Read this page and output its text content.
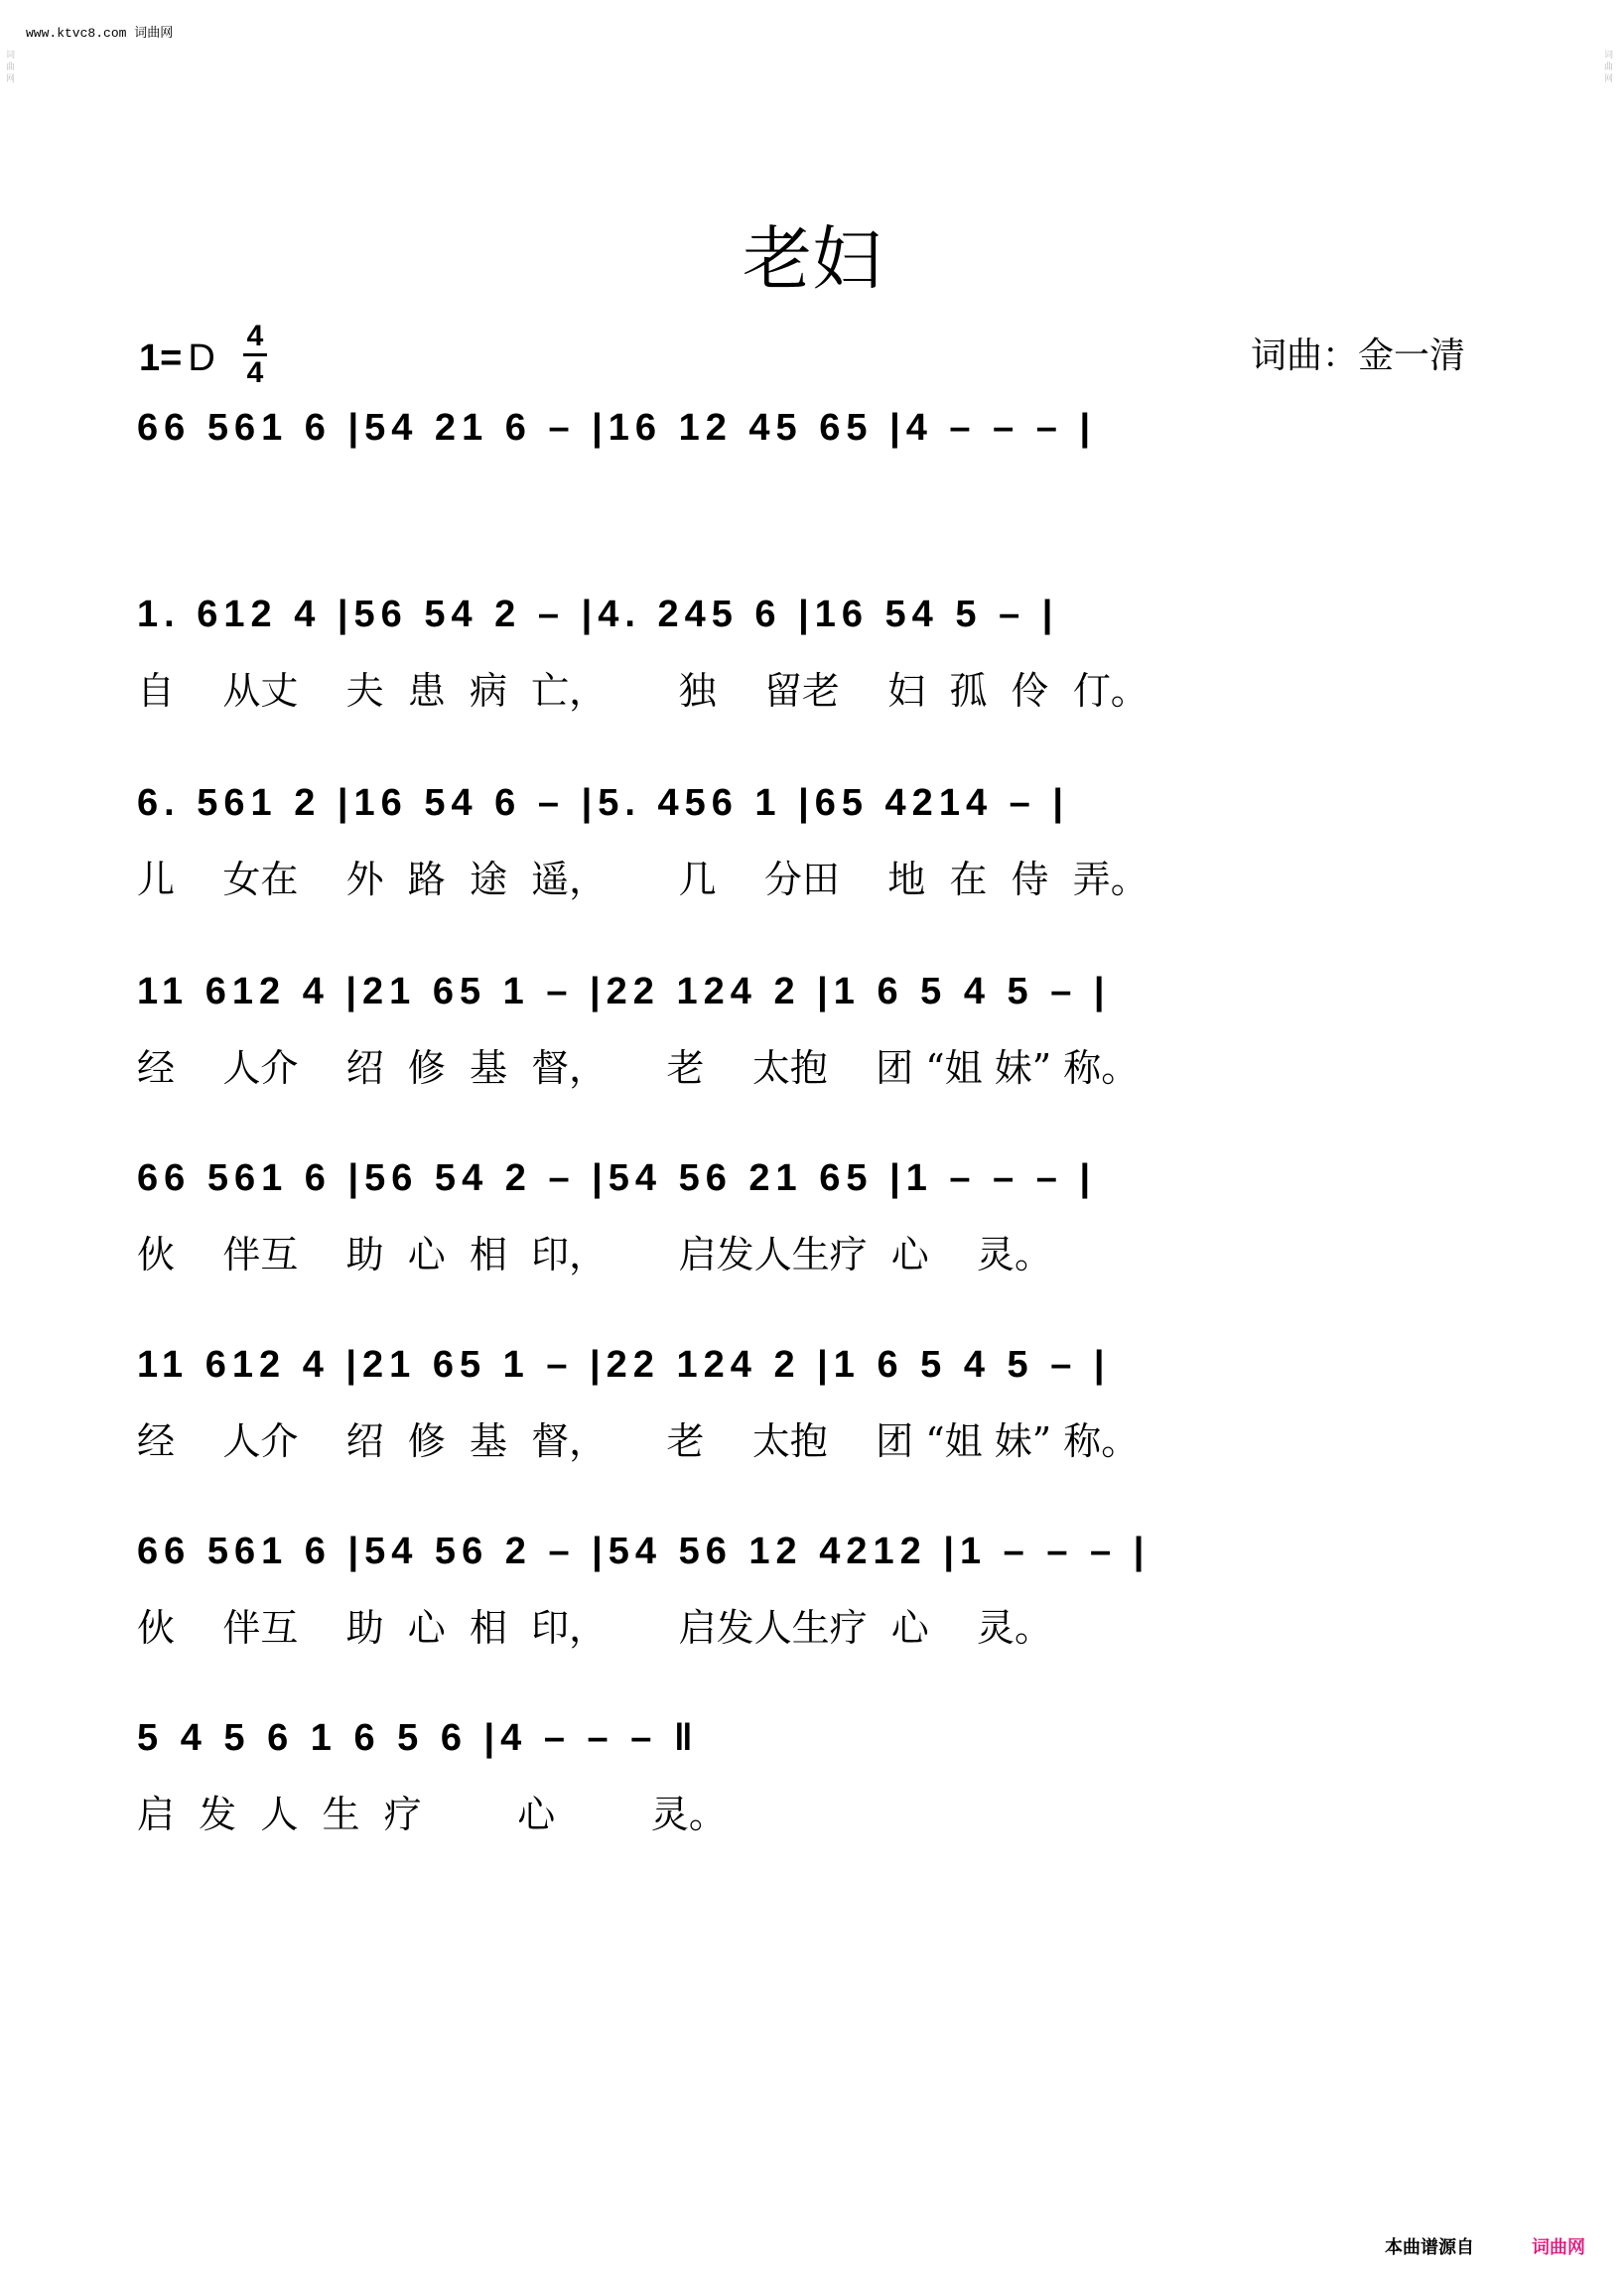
www.ktvc8.com 词曲网
词曲网
词曲网
老妇
1= D
4
4	词曲：金一清
66 561 6 |54 21 6 – |16 12 45 65 |4 – – – |
1. 612 4 |56 54 2 – |4. 245 6 |16 54 5 – |
自    从丈    夫  患  病  亡，      独    留老    妇  孤  伶  仃。
6. 561 2 |16 54 6 – |5. 456 1 |65 4214 – |
儿    女在    外  路  途  遥，      几    分田    地  在  侍  弄。
11 612 4 |21 65 1 – |22 124 2 |1 6 5 4 5 – |
经    人介    绍  修  基  督，     老    太抱    团 “姐 妹” 称。
66 561 6 |56 54 2 – |54 56 21 65 |1 – – – |
伙    伴互    助  心  相  印，      启发人生疗  心    灵。
11 612 4 |21 65 1 – |22 124 2 |1 6 5 4 5 – |
经    人介    绍  修  基  督，     老    太抱    团 “姐 妹” 称。
66 561 6 |54 56 2 – |54 56 12 4212 |1 – – – |
伙    伴互    助  心  相  印，      启发人生疗  心    灵。
5 4 5 6 1 6 5 6 |4 – – – ‖
启  发  人  生  疗        心        灵。
本曲谱源自	词曲网
